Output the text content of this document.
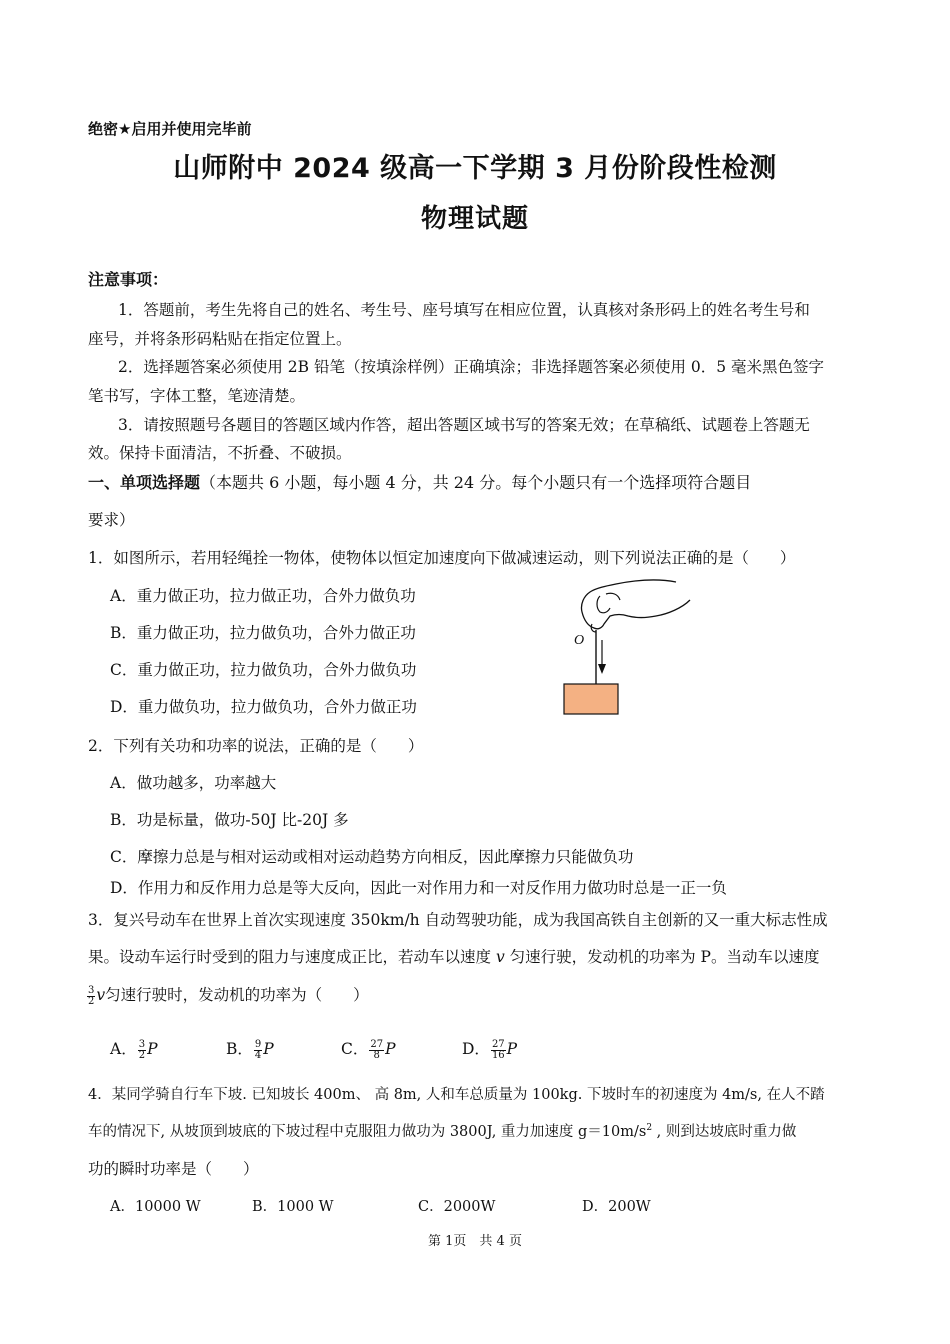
绝密★启用并使用完毕前
山师附中 2024 级高一下学期 3 月份阶段性检测
物理试题
注意事项：
1．答题前，考生先将自己的姓名、考生号、座号填写在相应位置，认真核对条形码上的姓名考生号和
座号，并将条形码粘贴在指定位置上。
2．选择题答案必须使用 2B 铅笔（按填涂样例）正确填涂；非选择题答案必须使用 0．5 毫米黑色签字
笔书写，字体工整，笔迹清楚。
3．请按照题号各题目的答题区域内作答，超出答题区域书写的答案无效；在草稿纸、试题卷上答题无
效。保持卡面清洁，不折叠、不破损。
一、单项选择题（本题共 6 小题，每小题 4 分，共 24 分。每个小题只有一个选择项符合题目
要求）
1．如图所示，若用轻绳拴一物体，使物体以恒定加速度向下做减速运动，则下列说法正确的是（　　）
A．重力做正功，拉力做正功，合外力做负功
B．重力做正功，拉力做负功，合外力做正功
C．重力做正功，拉力做负功，合外力做负功
D．重力做负功，拉力做负功，合外力做正功
O
2．下列有关功和功率的说法，正确的是（　　）
A．做功越多，功率越大
B．功是标量，做功-50J 比-20J 多
C．摩擦力总是与相对运动或相对运动趋势方向相反，因此摩擦力只能做负功
D．作用力和反作用力总是等大反向，因此一对作用力和一对反作用力做功时总是一正一负
3．复兴号动车在世界上首次实现速度 350km/h 自动驾驶功能，成为我国高铁自主创新的又一重大标志性成
果。设动车运行时受到的阻力与速度成正比，若动车以速度 v 匀速行驶，发动机的功率为 P。当动车以速度
$\frac{3}{2}$ v匀速行驶时，发动机的功率为（　　）
A． $\frac{3}{2}$ P	B． $\frac{9}{4}$ P	C． $\frac{27}{8}$ P	D． $\frac{27}{16}$ P
4．某同学骑自行车下坡. 已知坡长 400m、 高 8m, 人和车总质量为 100kg. 下坡时车的初速度为 4m/s, 在人不踏
车的情况下, 从坡顶到坡底的下坡过程中克服阻力做功为 3800J, 重力加速度 $g=10m/s^2$ , 则到达坡底时重力做
功的瞬时功率是（　　）
A．10000 W	B．1000 W	C．2000W	D．200W
第 1页　共 4 页
